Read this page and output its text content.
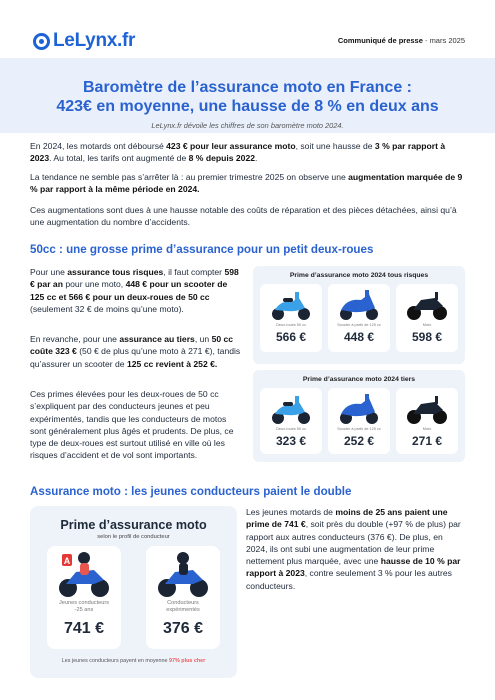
LeLynx.fr	Communiqué de presse - mars 2025
Baromètre de l’assurance moto en France :
423€ en moyenne, une hausse de 8 % en deux ans
LeLynx.fr dévoile les chiffres de son baromètre moto 2024.

En 2024, les motards ont déboursé 423 € pour leur assurance moto, soit une hausse de 3 % par rapport à 2023. Au total, les tarifs ont augmenté de 8 % depuis 2022.

La tendance ne semble pas s’arrêter là : au premier trimestre 2025 on observe une augmentation marquée de 9 % par rapport à la même période en 2024.

Ces augmentations sont dues à une hausse notable des coûts de réparation et des pièces détachées, ainsi qu’à une augmentation du nombre d’accidents.

50cc : une grosse prime d’assurance pour un petit deux-roues

Pour une assurance tous risques, il faut compter 598 € par an pour une moto, 448 € pour un scooter de 125 cc et 566 € pour un deux-roues de 50 cc (seulement 32 € de moins qu’une moto).

En revanche, pour une assurance au tiers, un 50 cc coûte 323 € (50 € de plus qu’une moto à 271 €), tandis qu’assurer un scooter de 125 cc revient à 252 €.

Ces primes élevées pour les deux-roues de 50 cc s’expliquent par des conducteurs jeunes et peu expérimentés, tandis que les conducteurs de motos sont généralement plus âgés et prudents. De plus, ce type de deux-roues est surtout utilisé en ville où les risques d’accident et de vol sont importants.

Prime d’assurance moto 2024 tous risques
Deux-roues 50 cc
566 €
Scooter à partir de 125 cc
448 €
Moto
598 €
Prime d’assurance moto 2024 tiers
Deux-roues 50 cc
323 €
Scooter à partir de 125 cc
252 €
Moto
271 €
Assurance moto : les jeunes conducteurs paient le double
Prime d’assurance moto
selon le profil de conducteur
A
Jeunes conducteurs
-25 ans
741 €
Conducteurs
expérimentés
376 €
Les jeunes conducteurs payent en moyenne 97% plus cher

Les jeunes motards de moins de 25 ans paient une prime de 741 €, soit près du double (+97 % de plus) par rapport aux autres conducteurs (376 €). De plus, en 2024, ils ont subi une augmentation de leur prime nettement plus marquée, avec une hausse de 10 % par rapport à 2023, contre seulement 3 % pour les autres conducteurs.
